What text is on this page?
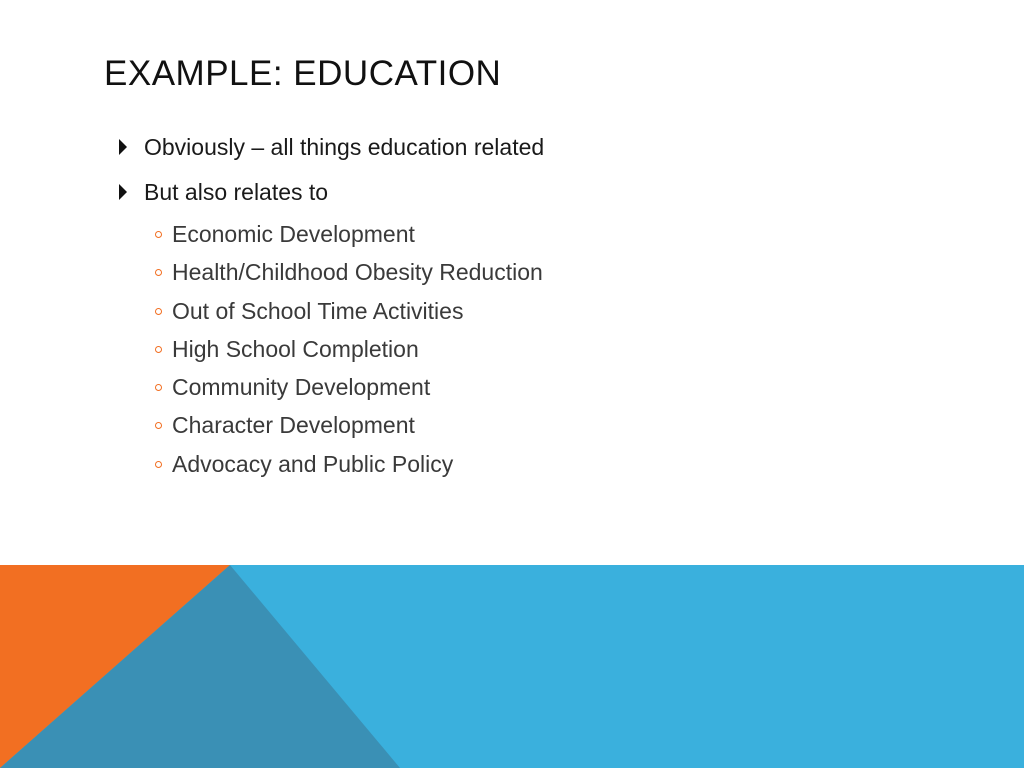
EXAMPLE: EDUCATION
Obviously – all things education related
But also relates to
Economic Development
Health/Childhood Obesity Reduction
Out of School Time Activities
High School Completion
Community Development
Character Development
Advocacy and Public Policy
